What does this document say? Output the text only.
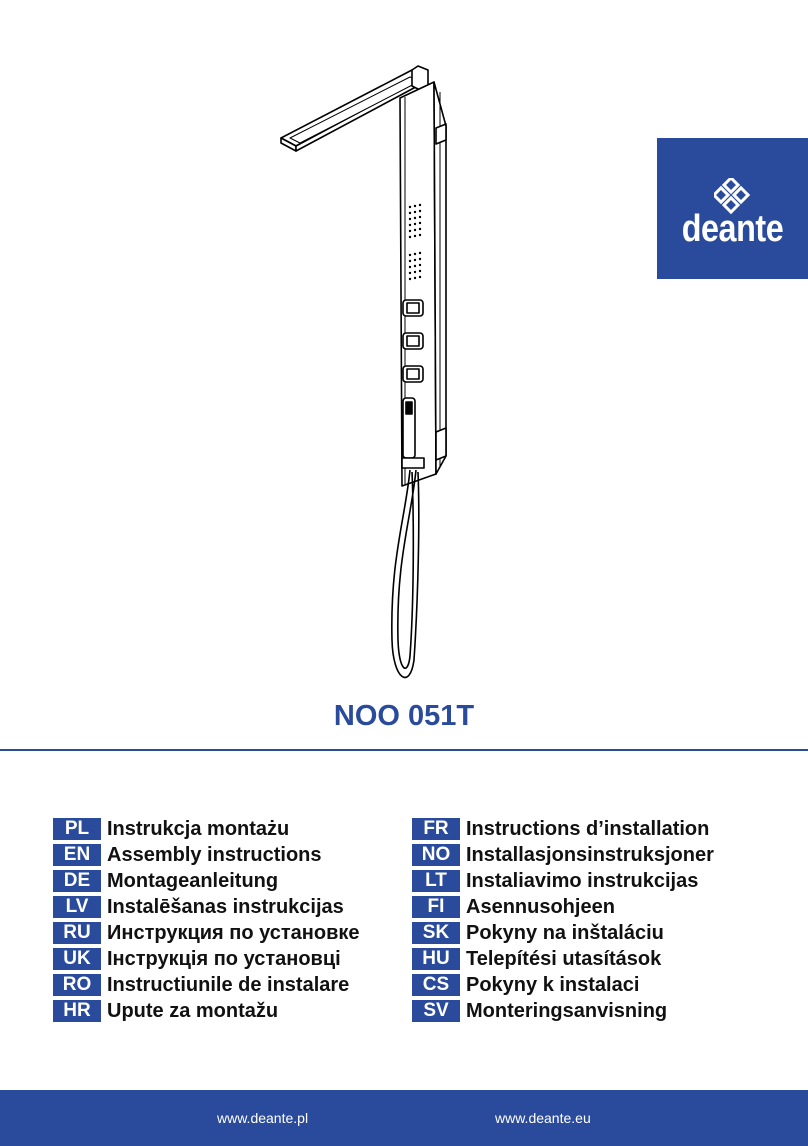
deante
NOO 051T
PL Instrukcja montażu
EN Assembly instructions
DE Montageanleitung
LV Instalēšanas instrukcijas
RU Инструкция по установке
UK Інструкція по установці
RO Instructiunile de instalare
HR Upute za montažu
FR Instructions d’installation
NO Installasjonsinstruksjoner
LT Instaliavimo instrukcijas
FI	Asennusohjeen
SK Pokyny na inštaláciu
HU Telepítési utasítások
CS Pokyny k instalaci
SV Monteringsanvisning
www.deante.pl	www.deante.eu
